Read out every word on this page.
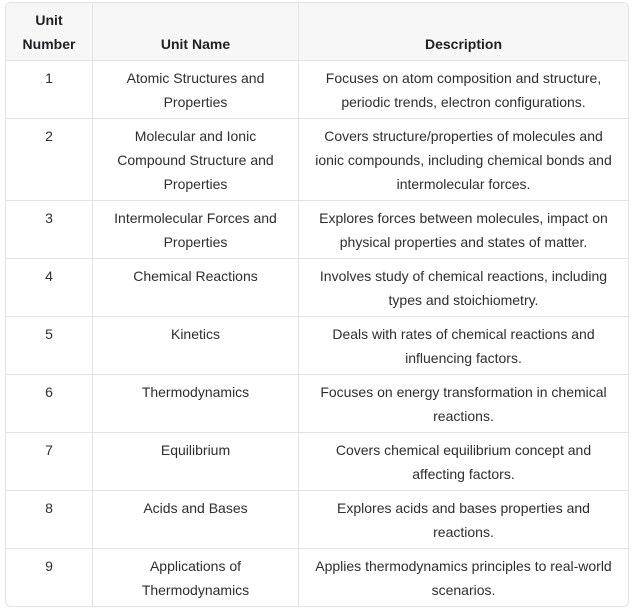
Unit Number	Unit Name	Description
1	Atomic Structures and Properties	Focuses on atom composition and structure, periodic trends, electron configurations.
2	Molecular and Ionic Compound Structure and Properties	Covers structure/properties of molecules and ionic compounds, including chemical bonds and intermolecular forces.
3	Intermolecular Forces and Properties	Explores forces between molecules, impact on physical properties and states of matter.
4	Chemical Reactions	Involves study of chemical reactions, including types and stoichiometry.
5	Kinetics	Deals with rates of chemical reactions and influencing factors.
6	Thermodynamics	Focuses on energy transformation in chemical reactions.
7	Equilibrium	Covers chemical equilibrium concept and affecting factors.
8	Acids and Bases	Explores acids and bases properties and reactions.
9	Applications of Thermodynamics	Applies thermodynamics principles to real-world scenarios.
